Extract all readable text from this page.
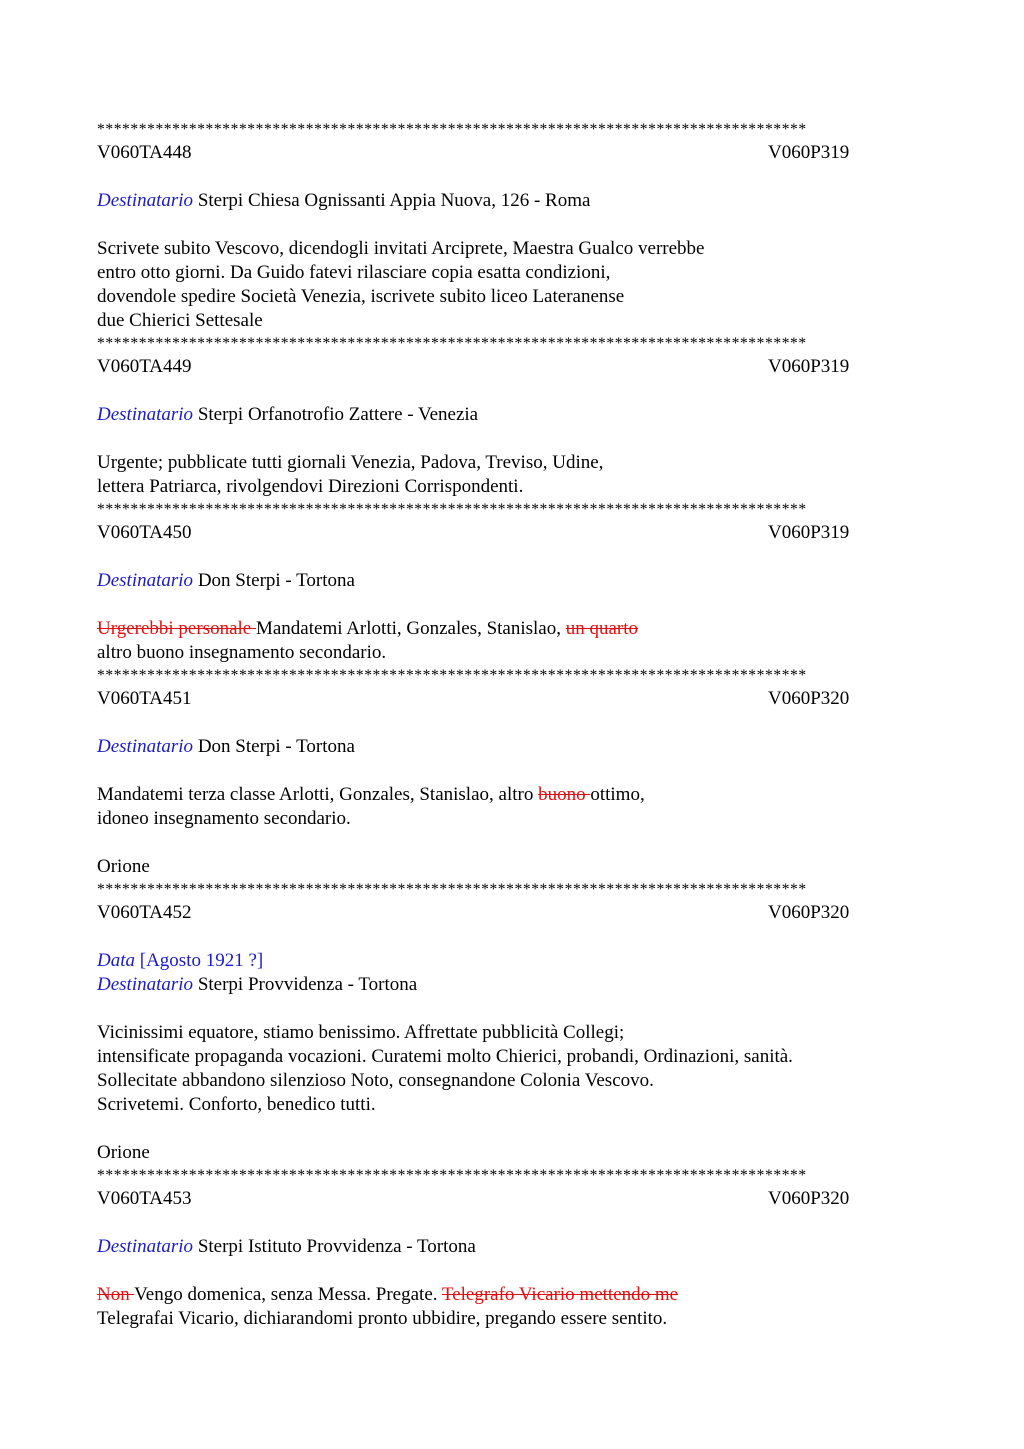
*************************************************************************************
V060TA448	V060P319
Destinatario Sterpi Chiesa Ognissanti Appia Nuova, 126 - Roma
Scrivete subito Vescovo, dicendogli invitati Arciprete, Maestra Gualco verrebbe
entro otto giorni. Da Guido fatevi rilasciare copia esatta condizioni,
dovendole spedire Società Venezia, iscrivete subito liceo Lateranense
due Chierici Settesale
*************************************************************************************
V060TA449	V060P319
Destinatario Sterpi Orfanotrofio Zattere - Venezia
Urgente; pubblicate tutti giornali Venezia, Padova, Treviso, Udine,
lettera Patriarca, rivolgendovi Direzioni Corrispondenti.
*************************************************************************************
V060TA450	V060P319
Destinatario Don Sterpi - Tortona
Urgerebbi personale Mandatemi Arlotti, Gonzales, Stanislao, un quarto
altro buono insegnamento secondario.
*************************************************************************************
V060TA451	V060P320
Destinatario Don Sterpi - Tortona
Mandatemi terza classe Arlotti, Gonzales, Stanislao, altro buono ottimo,
idoneo insegnamento secondario.
Orione
*************************************************************************************
V060TA452	V060P320
Data [Agosto 1921 ?]
Destinatario Sterpi Provvidenza - Tortona
Vicinissimi equatore, stiamo benissimo. Affrettate pubblicità Collegi;
intensificate propaganda vocazioni. Curatemi molto Chierici, probandi, Ordinazioni, sanità.
Sollecitate abbandono silenzioso Noto, consegnandone Colonia Vescovo.
Scrivetemi. Conforto, benedico tutti.
Orione
*************************************************************************************
V060TA453	V060P320
Destinatario Sterpi Istituto Provvidenza - Tortona
Non Vengo domenica, senza Messa. Pregate. Telegrafo Vicario mettendo me
Telegrafai Vicario, dichiarandomi pronto ubbidire, pregando essere sentito.
